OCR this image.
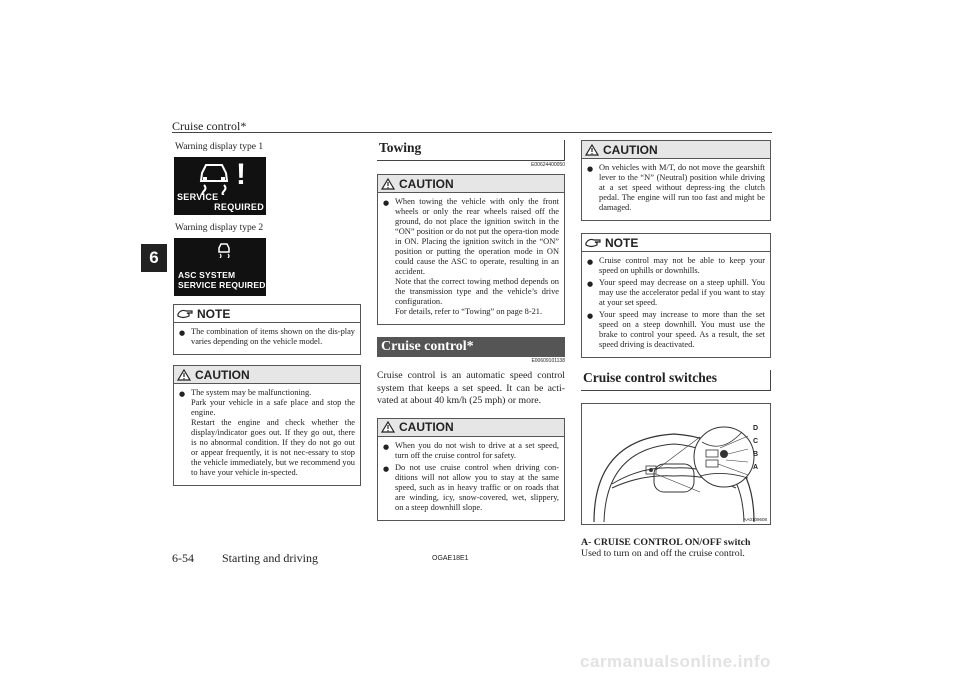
Cruise control*
6
Warning display type 1
!
SERVICE
REQUIRED
Warning display type 2
ASC SYSTEM
SERVICE REQUIRED
NOTE
● The combination of items shown on the dis-play varies depending on the vehicle model.
CAUTION
● The system may be malfunctioning.
Park your vehicle in a safe place and stop the engine.
Restart the engine and check whether the display/indicator goes out. If they go out, there is no abnormal condition. If they do not go out or appear frequently, it is not nec-essary to stop the vehicle immediately, but we recommend you to have your vehicle in-spected.
Towing
E00624400050
CAUTION
● When towing the vehicle with only the front wheels or only the rear wheels raised off the ground, do not place the ignition switch in the “ON” position or do not put the opera-tion mode in ON. Placing the ignition switch in the “ON” position or putting the operation mode in ON could cause the ASC to operate, resulting in an accident.
Note that the correct towing method depends on the transmission type and the vehicle’s drive configuration.
For details, refer to “Towing” on page 8-21.
Cruise control*
E00609101138
Cruise control is an automatic speed control system that keeps a set speed. It can be acti-vated at about 40 km/h (25 mph) or more.
CAUTION
● When you do not wish to drive at a set speed, turn off the cruise control for safety.
● Do not use cruise control when driving con-ditions will not allow you to stay at the same speed, such as in heavy traffic or on roads that are winding, icy, snow-covered, wet, slippery, on a steep downhill slope.
CAUTION
● On vehicles with M/T, do not move the gearshift lever to the “N” (Neutral) position while driving at a set speed without depress-ing the clutch pedal. The engine will run too fast and might be damaged.
NOTE
● Cruise control may not be able to keep your speed on uphills or downhills.
● Your speed may decrease on a steep uphill. You may use the accelerator pedal if you want to stay at your set speed.
● Your speed may increase to more than the set speed on a steep downhill. You must use the brake to control your speed. As a result, the set speed driving is deactivated.
Cruise control switches
D
C
B
A
AA0109608
A- CRUISE CONTROL ON/OFF switch
Used to turn on and off the cruise control.
6-54 Starting and driving	OGAE18E1
carmanualsonline.info
